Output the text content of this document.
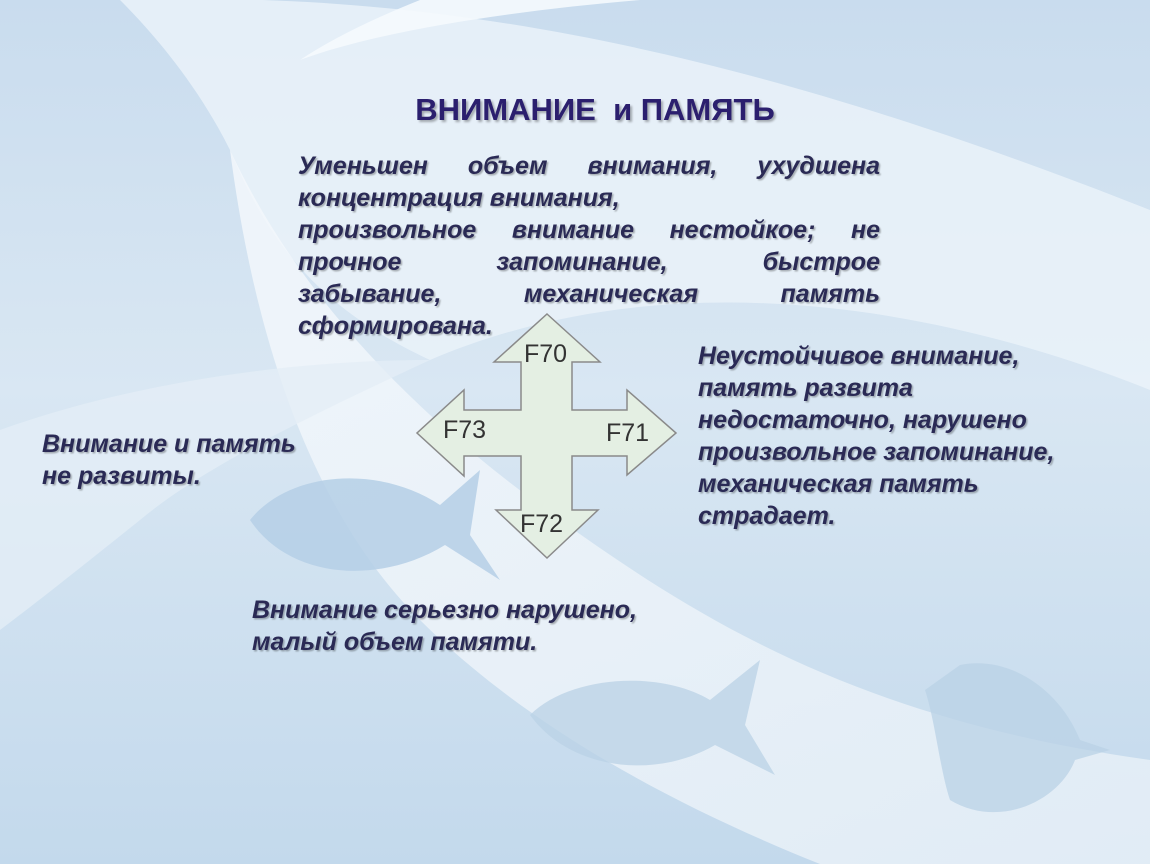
ВНИМАНИЕ  и ПАМЯТЬ
Уменьшен объем внимания, ухудшена
концентрация внимания,
произвольное внимание нестойкое; не
прочное	запоминание,	быстрое
забывание,	механическая	память
сформирована.
F70
F71
F72
F73
Неустойчивое внимание,
память развита
недостаточно, нарушено
произвольное запоминание,
механическая память
страдает.
Внимание и память
не развиты.
Внимание серьезно нарушено,
малый объем памяти.
